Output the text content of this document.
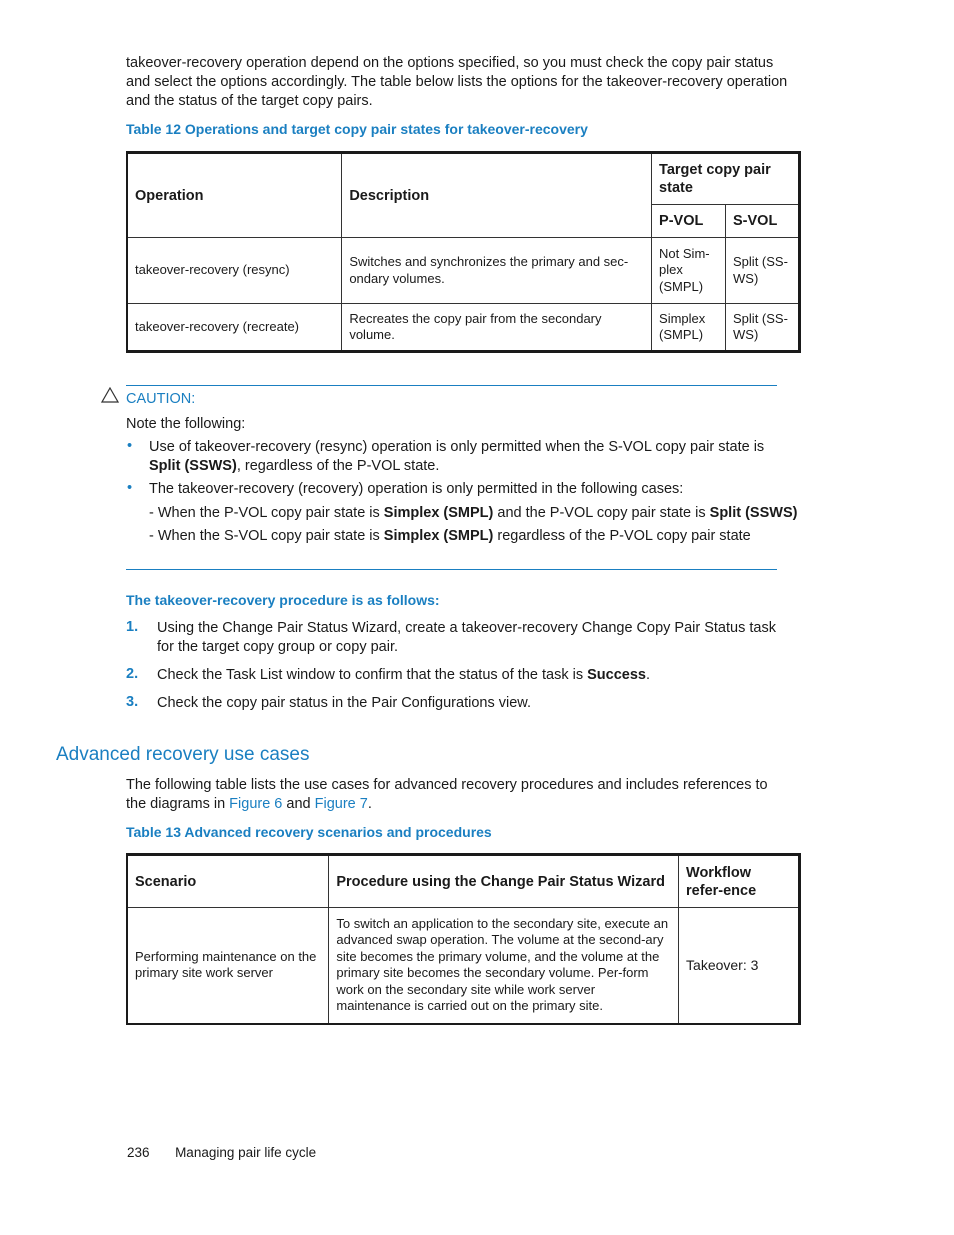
takeover-recovery operation depend on the options specified, so you must check the copy pair status
and select the options accordingly. The table below lists the options for the takeover-recovery operation
and the status of the target copy pairs.
Table 12 Operations and target copy pair states for takeover-recovery
Operation	Description	Target copy pair state	
		P-VOL	S-VOL
takeover-recovery (resync)	Switches and synchronizes the primary and sec-ondary volumes.	Not Sim-plex (SMPL)	Split (SS-WS)
takeover-recovery (recreate)	Recreates the copy pair from the secondary volume.	Simplex (SMPL)	Split (SS-WS)
CAUTION:
Note the following:
• Use of takeover-recovery (resync) operation is only permitted when the S-VOL copy pair state is
Split (SSWS), regardless of the P-VOL state.
• The takeover-recovery (recovery) operation is only permitted in the following cases:
- When the P-VOL copy pair state is Simplex (SMPL) and the P-VOL copy pair state is Split (SSWS)
- When the S-VOL copy pair state is Simplex (SMPL) regardless of the P-VOL copy pair state
The takeover-recovery procedure is as follows:
1. Using the Change Pair Status Wizard, create a takeover-recovery Change Copy Pair Status task
for the target copy group or copy pair.
2. Check the Task List window to confirm that the status of the task is Success.
3. Check the copy pair status in the Pair Configurations view.
Advanced recovery use cases
The following table lists the use cases for advanced recovery procedures and includes references to
the diagrams in Figure 6 and Figure 7.
Table 13 Advanced recovery scenarios and procedures
Scenario	Procedure using the Change Pair Status Wizard	Workflow refer-ence
Performing maintenance on the primary site work server	To switch an application to the secondary site, execute an advanced swap operation. The volume at the second-ary site becomes the primary volume, and the volume at the primary site becomes the secondary volume. Per-form work on the secondary site while work server maintenance is carried out on the primary site.	Takeover: 3
236 Managing pair life cycle
